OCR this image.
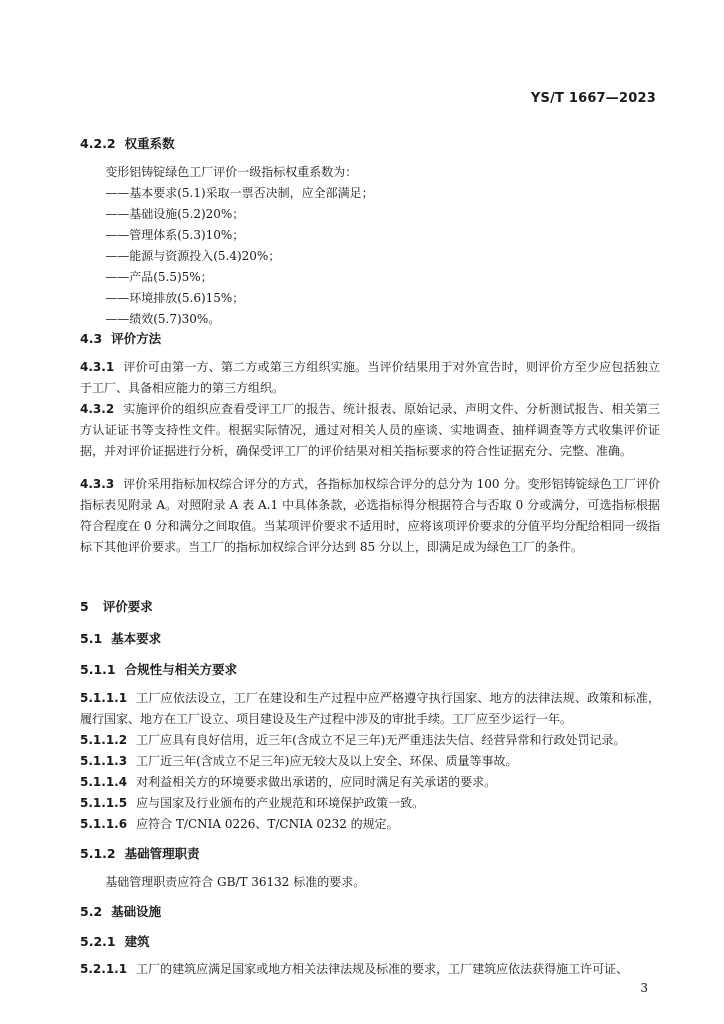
YS/T 1667—2023
4.2.2 权重系数
变形铝铸锭绿色工厂评价一级指标权重系数为：
——基本要求(5.1)采取一票否决制，应全部满足；
——基础设施(5.2)20%；
——管理体系(5.3)10%；
——能源与资源投入(5.4)20%；
——产品(5.5)5%；
——环境排放(5.6)15%；
——绩效(5.7)30%。
4.3 评价方法
4.3.1 评价可由第一方、第二方或第三方组织实施。当评价结果用于对外宣告时，则评价方至少应包括独立于工厂、具备相应能力的第三方组织。
4.3.2 实施评价的组织应查看受评工厂的报告、统计报表、原始记录、声明文件、分析测试报告、相关第三方认证证书等支持性文件。根据实际情况，通过对相关人员的座谈、实地调查、抽样调查等方式收集评价证据，并对评价证据进行分析，确保受评工厂的评价结果对相关指标要求的符合性证据充分、完整、准确。
4.3.3 评价采用指标加权综合评分的方式，各指标加权综合评分的总分为 100 分。变形铝铸锭绿色工厂评价指标表见附录 A。对照附录 A 表 A.1 中具体条款，必选指标得分根据符合与否取 0 分或满分，可选指标根据符合程度在 0 分和满分之间取值。当某项评价要求不适用时，应将该项评价要求的分值平均分配给相同一级指标下其他评价要求。当工厂的指标加权综合评分达到 85 分以上，即满足成为绿色工厂的条件。
5 评价要求
5.1 基本要求
5.1.1 合规性与相关方要求
5.1.1.1 工厂应依法设立，工厂在建设和生产过程中应严格遵守执行国家、地方的法律法规、政策和标准，履行国家、地方在工厂设立、项目建设及生产过程中涉及的审批手续。工厂应至少运行一年。
5.1.1.2 工厂应具有良好信用，近三年(含成立不足三年)无严重违法失信、经营异常和行政处罚记录。
5.1.1.3 工厂近三年(含成立不足三年)应无较大及以上安全、环保、质量等事故。
5.1.1.4 对利益相关方的环境要求做出承诺的，应同时满足有关承诺的要求。
5.1.1.5 应与国家及行业颁布的产业规范和环境保护政策一致。
5.1.1.6 应符合 T/CNIA 0226、T/CNIA 0232 的规定。
5.1.2 基础管理职责
基础管理职责应符合 GB/T 36132 标准的要求。
5.2 基础设施
5.2.1 建筑
5.2.1.1 工厂的建筑应满足国家或地方相关法律法规及标准的要求，工厂建筑应依法获得施工许可证、
3
